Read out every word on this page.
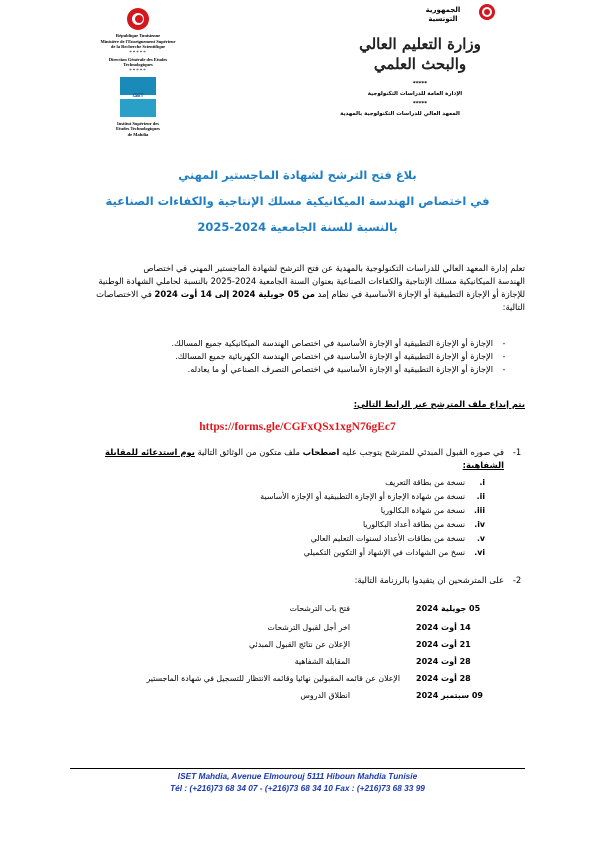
République Tunisienne
Ministère de l'Enseignement Supérieur
de la Recherche Scientifique
*****
Direction Générale des Etudes
Technologiques
*****
ISET
Institut Supérieur des
Etudes Technologiques
de Mahdia
الجمهورية
التونسية
وزارة التعليم العالي
والبحث العلمي
*****
الإدارة العامة للدراسات التكنولوجية
*****
المعهد العالي للدراسات التكنولوجية بالمهدية
بلاغ فتح الترشح لشهادة الماجستير المهني
في اختصاص الهندسة الميكانيكية مسلك الإنتاجية والكفاءات الصناعية
بالنسبة للسنة الجامعية 2024-2025
تعلم إدارة المعهد العالي للدراسات التكنولوجية بالمهدية عن فتح الترشح لشهادة الماجستير المهني في اختصاص
الهندسة الميكانيكية مسلك الإنتاجية والكفاءات الصناعية بعنوان السنة الجامعية 2024-2025 بالنسبة لحاملي الشهادة الوطنية
للإجازة أو الإجازة التطبيقية أو الإجازة الأساسية في نظام إمد من 05 جويلية 2024 إلى 14 أوت 2024 في الاختصاصات
التالية:
-الإجازة أو الإجازة التطبيقية أو الإجازة الأساسية في اختصاص الهندسة الميكانيكية جميع المسالك.
-الإجازة أو الإجازة التطبيقية أو الإجازة الأساسية في اختصاص الهندسة الكهربائية جميع المسالك.
-الإجازة أو الإجازة التطبيقية أو الإجازة الأساسية في اختصاص التصرف الصناعي أو ما يعادله.
يتم إيداع ملف المترشح عبر الرابط التالي:
https://forms.gle/CGFxQSx1xgN76gEc7
1-في صوره القبول المبدئي للمترشح يتوجب عليه اصطحاب ملف متكون من الوثائق التالية يوم استدعائه للمقابلة
الشفاهية:
i.نسخة من بطاقة التعريف
ii.نسخة من شهادة الإجازة أو الإجازة التطبيقية أو الإجازة الأساسية
iii.نسخة من شهادة البكالوريا
iv.نسخة من بطاقة أعداد البكالوريا
v.نسخة من بطاقات الأعداد لسنوات التعليم العالي
vi.نسخ من الشهادات في الإشهاد أو التكوين التكميلي
2-على المترشحين ان يتقيدوا بالرزنامة التالية:
05 جويلية 2024
فتح باب الترشحات
14 أوت 2024
اخر أجل لقبول الترشحات
21 أوت 2024
الإعلان عن نتائج القبول المبدئي
28 أوت 2024
المقابلة الشفاهية
28 أوت 2024
الإعلان عن قائمه المقبولين نهائيا وقائمه الانتظار للتسجيل في شهادة الماجستير
09 سبتمبر 2024
انطلاق الدروس
ISET Mahdia, Avenue Elmourouj 5111 Hiboun Mahdia Tunisie
Tél : (+216)73 68 34 07 - (+216)73 68 34 10 Fax : (+216)73 68 33 99
